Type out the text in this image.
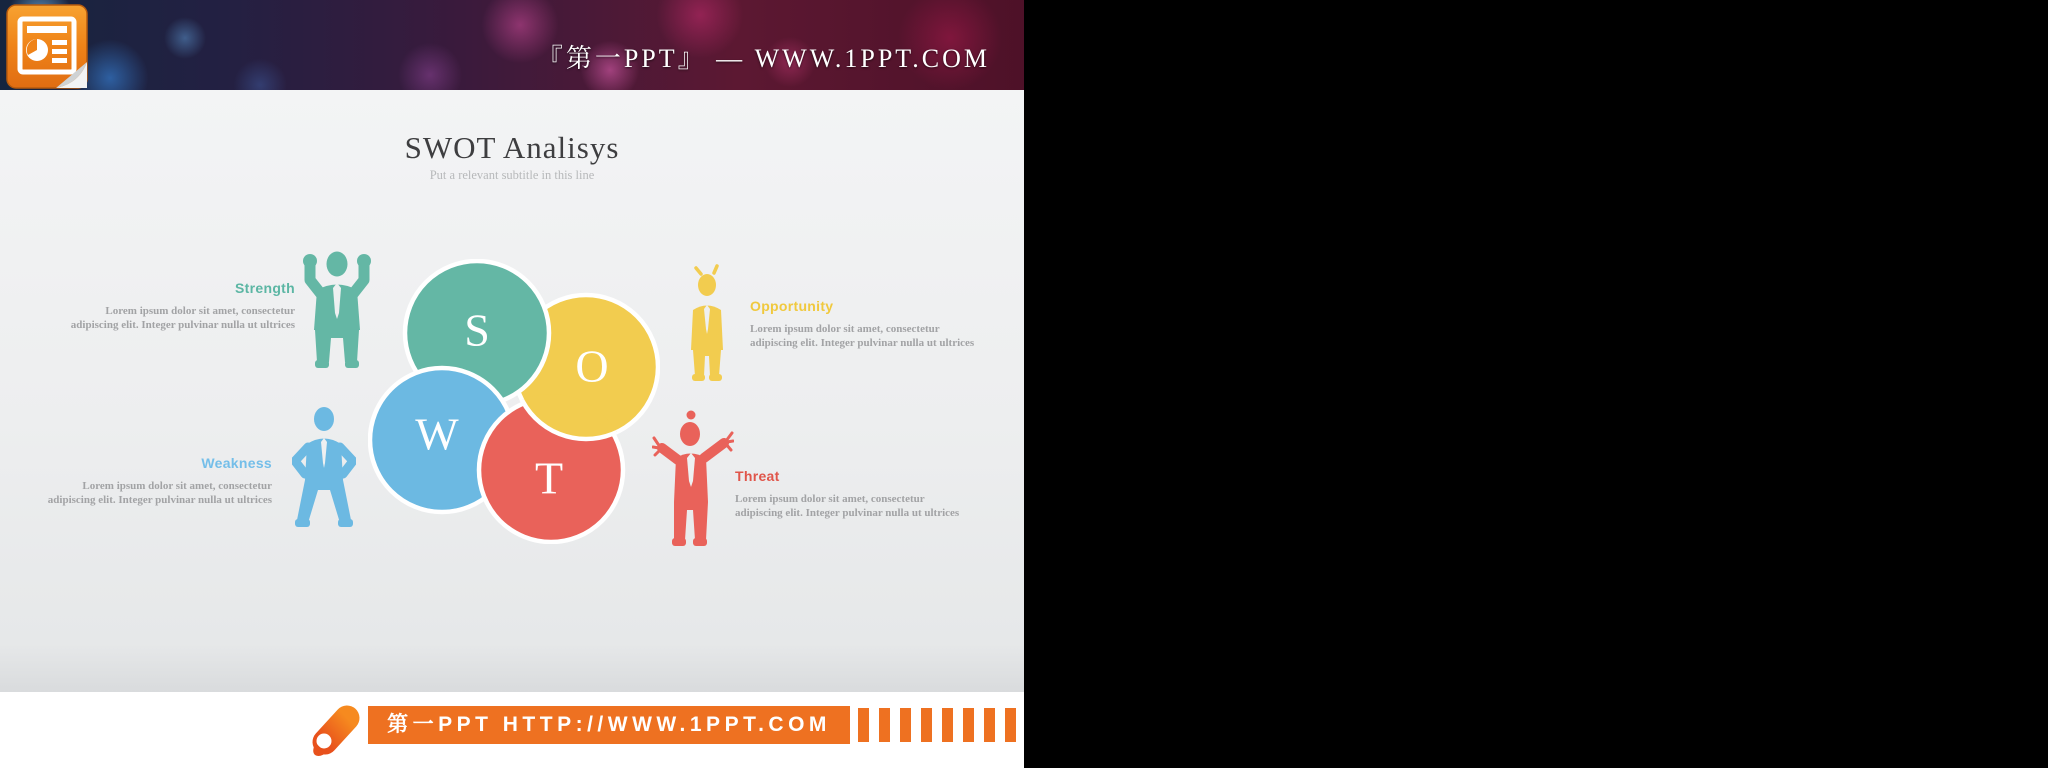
『第一PPT』 — WWW.1PPT.COM
SWOT Analisys
Put a relevant subtitle in this line
O
S
W
T
Strength
Lorem ipsum dolor sit amet, consectetur adipiscing elit. Integer pulvinar nulla ut ultrices
Weakness
Lorem ipsum dolor sit amet, consectetur adipiscing elit. Integer pulvinar nulla ut ultrices
Opportunity
Lorem ipsum dolor sit amet, consectetur adipiscing elit. Integer pulvinar nulla ut ultrices
Threat
Lorem ipsum dolor sit amet, consectetur adipiscing elit. Integer pulvinar nulla ut ultrices
第一PPT HTTP://WWW.1PPT.COM
